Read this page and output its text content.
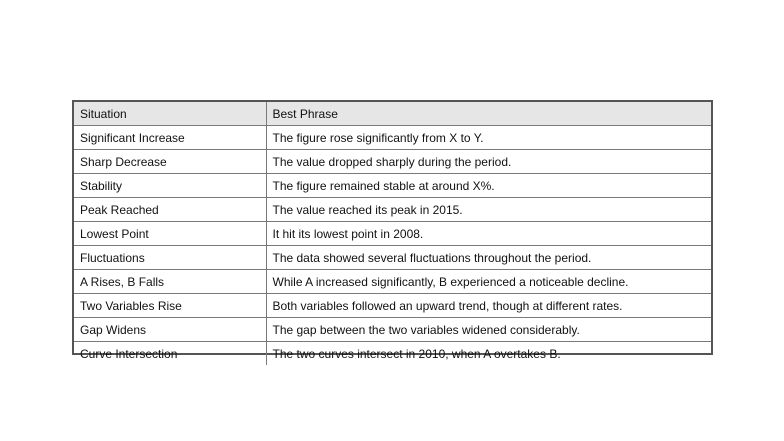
Situation	Best Phrase
Significant Increase	The figure rose significantly from X to Y.
Sharp Decrease	The value dropped sharply during the period.
Stability	The figure remained stable at around X%.
Peak Reached	The value reached its peak in 2015.
Lowest Point	It hit its lowest point in 2008.
Fluctuations	The data showed several fluctuations throughout the period.
A Rises, B Falls	While A increased significantly, B experienced a noticeable decline.
Two Variables Rise	Both variables followed an upward trend, though at different rates.
Gap Widens	The gap between the two variables widened considerably.
Curve Intersection	The two curves intersect in 2010, when A overtakes B.
